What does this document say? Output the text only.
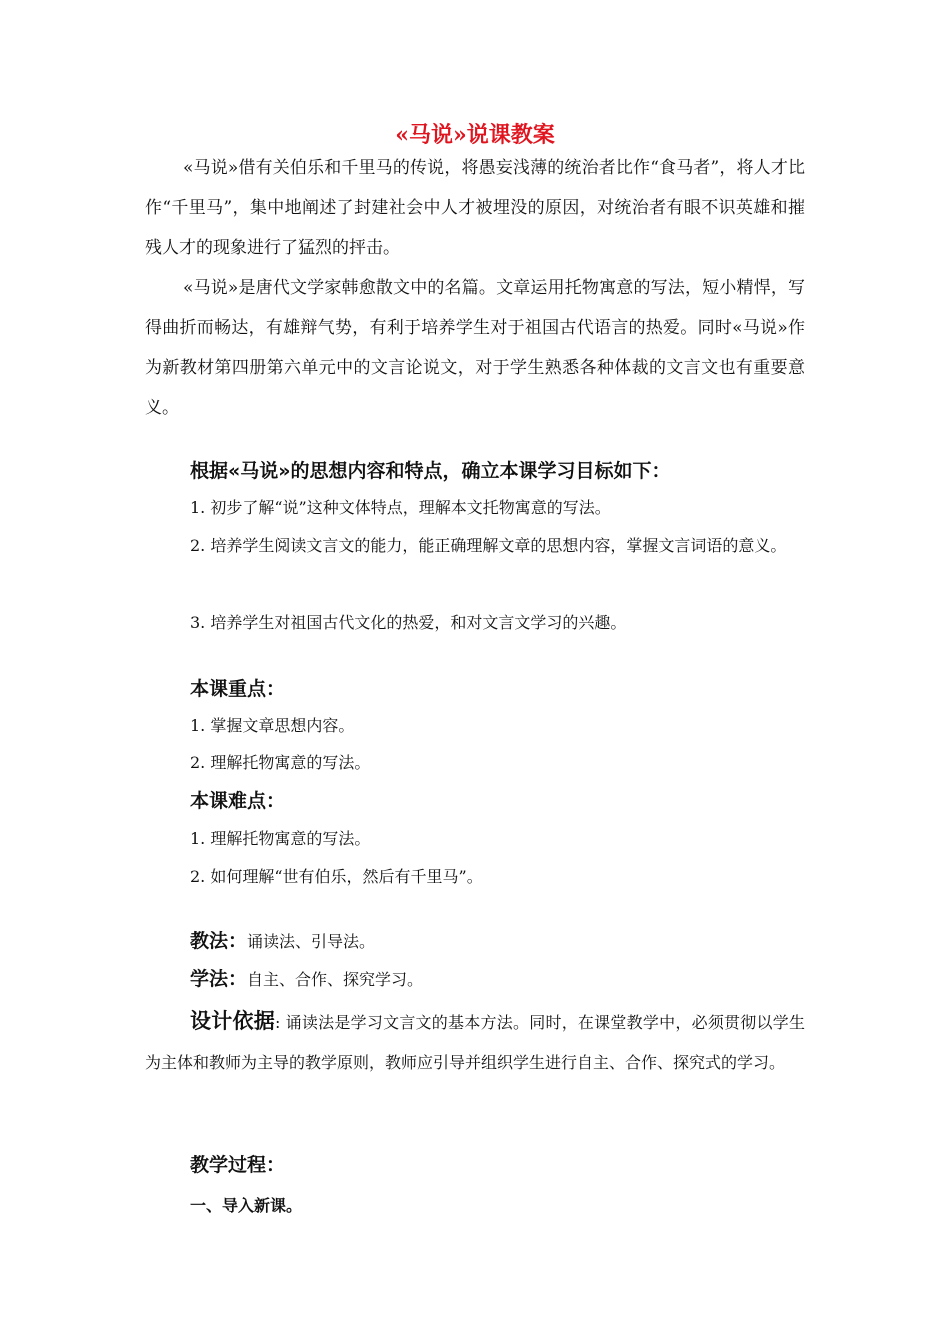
«马说»说课教案

«马说»借有关伯乐和千里马的传说，将愚妄浅薄的统治者比作“食马者”，将人才比作“千里马”，集中地阐述了封建社会中人才被埋没的原因，对统治者有眼不识英雄和摧残人才的现象进行了猛烈的抨击。

«马说»是唐代文学家韩愈散文中的名篇。文章运用托物寓意的写法，短小精悍，写得曲折而畅达，有雄辩气势，有利于培养学生对于祖国古代语言的热爱。同时«马说»作为新教材第四册第六单元中的文言论说文，对于学生熟悉各种体裁的文言文也有重要意义。

根据«马说»的思想内容和特点，确立本课学习目标如下：
1. 初步了解“说”这种文体特点，理解本文托物寓意的写法。

2. 培养学生阅读文言文的能力，能正确理解文章的思想内容，掌握文言词语的意义。

3. 培养学生对祖国古代文化的热爱，和对文言文学习的兴趣。
本课重点：
1. 掌握文章思想内容。
2. 理解托物寓意的写法。
本课难点：
1. 理解托物寓意的写法。
2. 如何理解“世有伯乐，然后有千里马”。
教法：诵读法、引导法。
学法：自主、合作、探究学习。

设计依据: 诵读法是学习文言文的基本方法。同时，在课堂教学中，必须贯彻以学生为主体和教师为主导的教学原则，教师应引导并组织学生进行自主、合作、探究式的学习。

教学过程：
一、导入新课。
